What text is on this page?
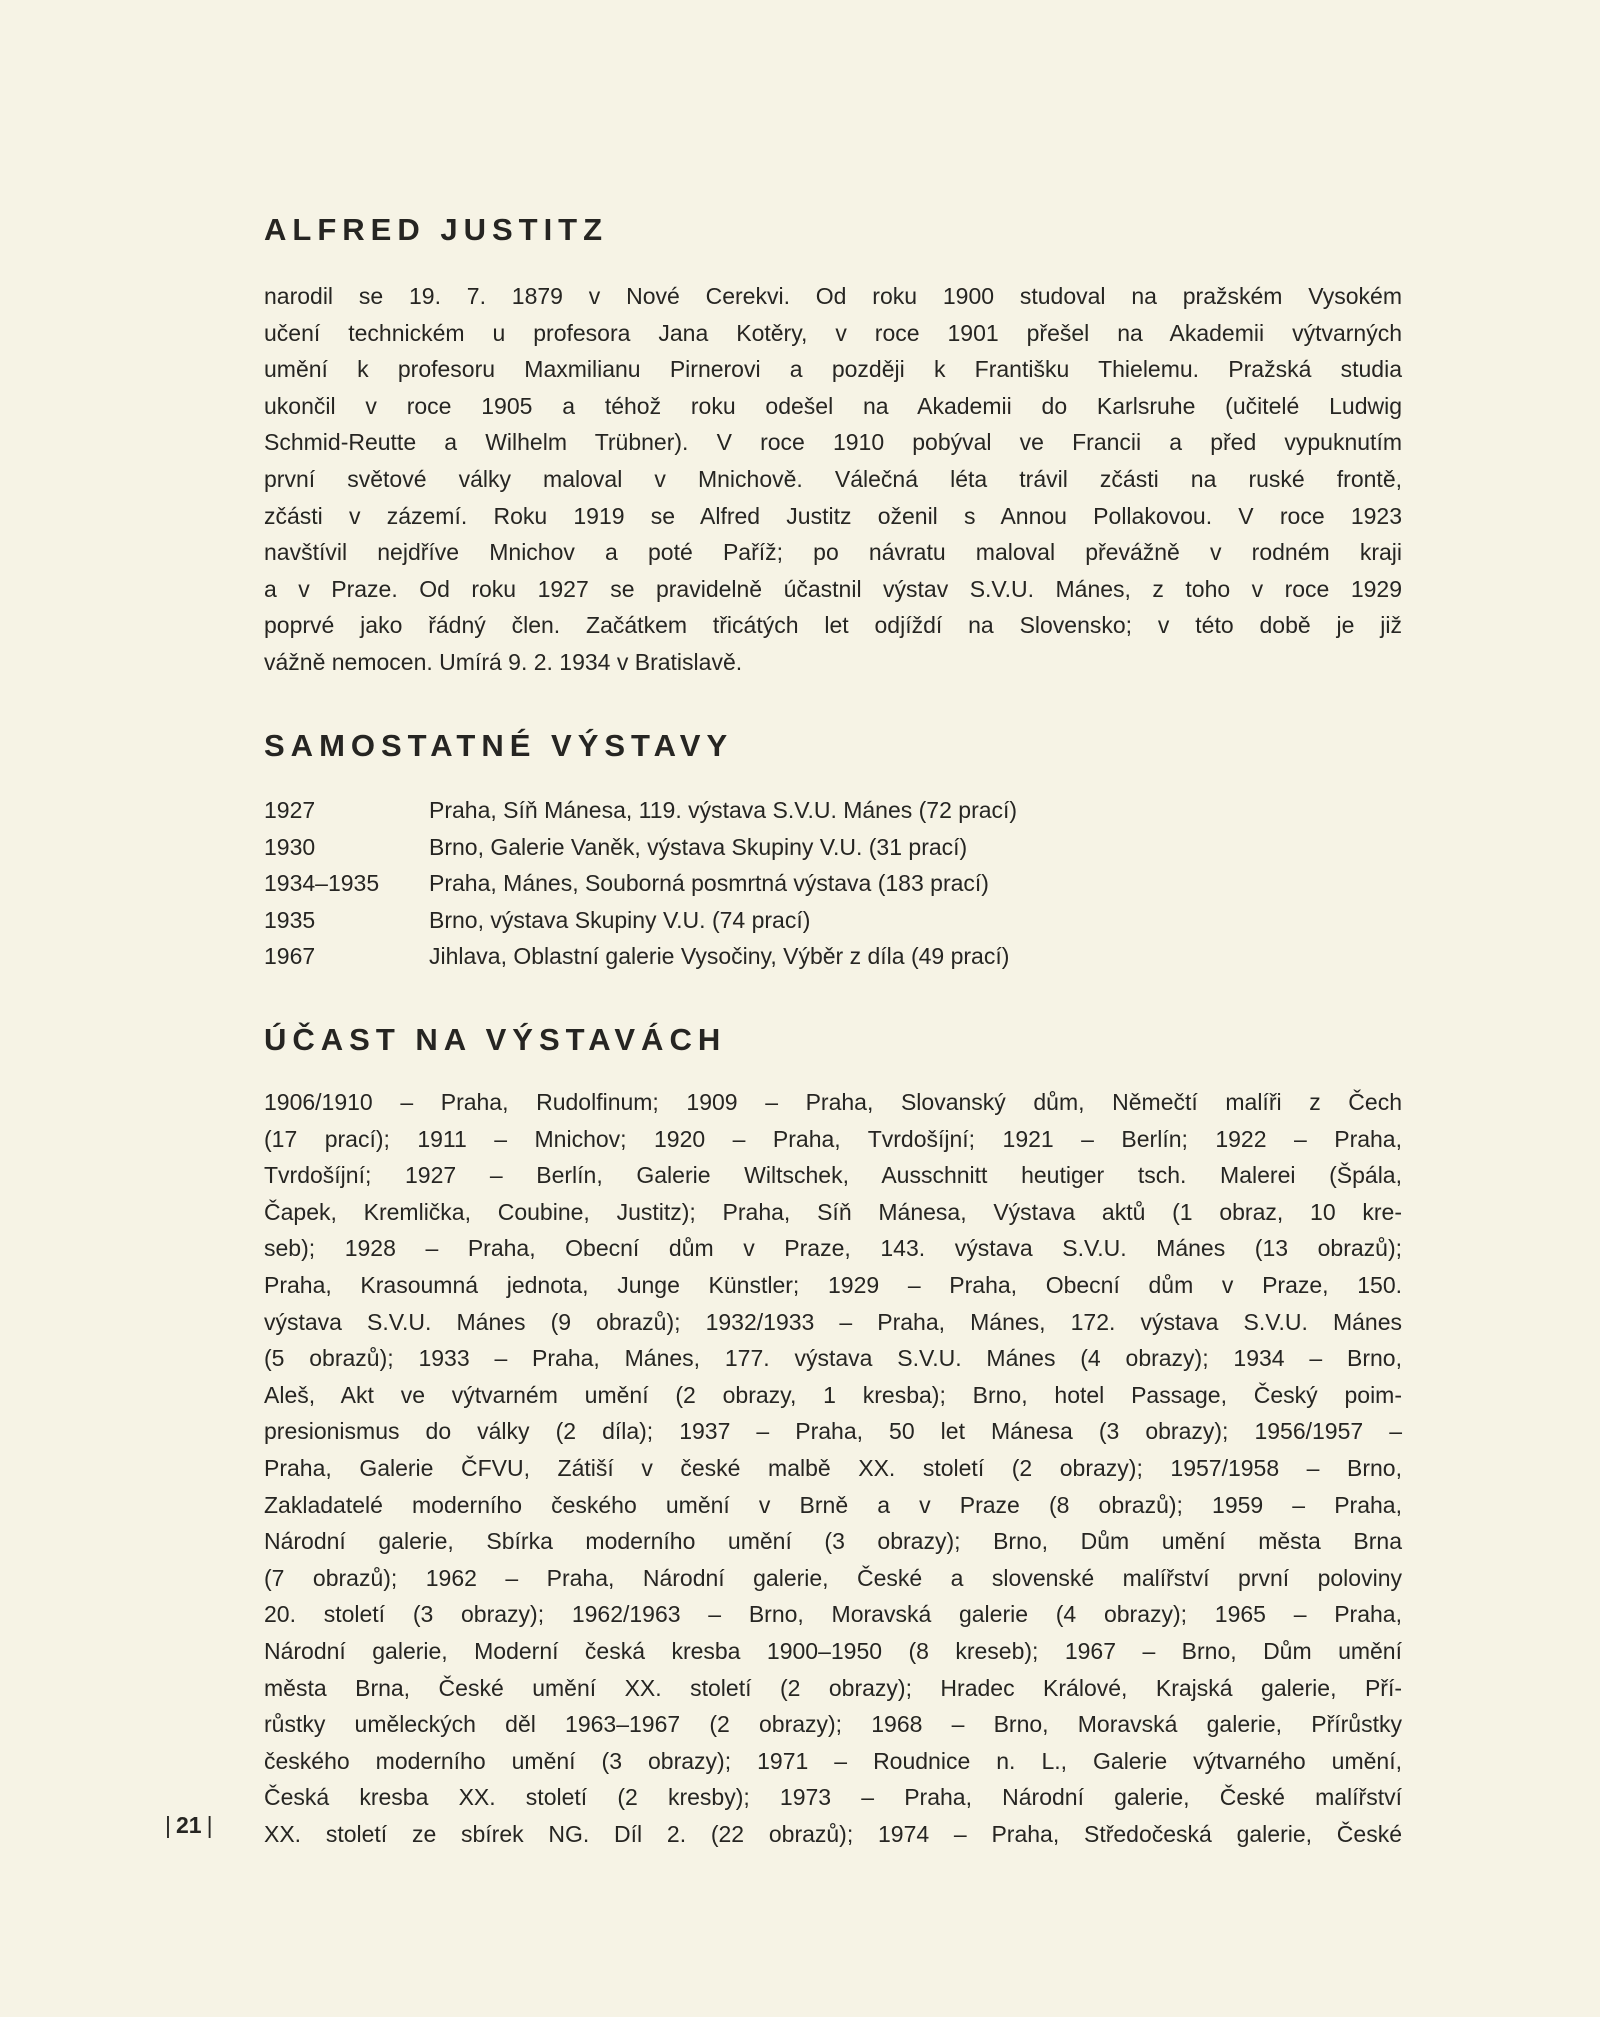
ALFRED JUSTITZ
narodil se 19. 7. 1879 v Nové Cerekvi. Od roku 1900 studoval na pražském Vysokém
učení technickém u profesora Jana Kotěry, v roce 1901 přešel na Akademii výtvarných
umění k profesoru Maxmilianu Pirnerovi a později k Františku Thielemu. Pražská studia
ukončil v roce 1905 a téhož roku odešel na Akademii do Karlsruhe (učitelé Ludwig
Schmid-Reutte a Wilhelm Trübner). V roce 1910 pobýval ve Francii a před vypuknutím
první světové války maloval v Mnichově. Válečná léta trávil zčásti na ruské frontě,
zčásti v zázemí. Roku 1919 se Alfred Justitz oženil s Annou Pollakovou. V roce 1923
navštívil nejdříve Mnichov a poté Paříž; po návratu maloval převážně v rodném kraji
a v Praze. Od roku 1927 se pravidelně účastnil výstav S.V.U. Mánes, z toho v roce 1929
poprvé jako řádný člen. Začátkem třicátých let odjíždí na Slovensko; v této době je již
vážně nemocen. Umírá 9. 2. 1934 v Bratislavě.
SAMOSTATNÉ VÝSTAVY
1927	Praha, Síň Mánesa, 119. výstava S.V.U. Mánes (72 prací)
1930	Brno, Galerie Vaněk, výstava Skupiny V.U. (31 prací)
1934–1935 Praha, Mánes, Souborná posmrtná výstava (183 prací)
1935	Brno, výstava Skupiny V.U. (74 prací)
1967	Jihlava, Oblastní galerie Vysočiny, Výběr z díla (49 prací)
ÚČAST NA VÝSTAVÁCH
1906/1910 – Praha, Rudolfinum; 1909 – Praha, Slovanský dům, Němečtí malíři z Čech
(17 prací); 1911 – Mnichov; 1920 – Praha, Tvrdošíjní; 1921 – Berlín; 1922 – Praha,
Tvrdošíjní; 1927 – Berlín, Galerie Wiltschek, Ausschnitt heutiger tsch. Malerei (Špála,
Čapek, Kremlička, Coubine, Justitz); Praha, Síň Mánesa, Výstava aktů (1 obraz, 10 kre-
seb); 1928 – Praha, Obecní dům v Praze, 143. výstava S.V.U. Mánes (13 obrazů);
Praha, Krasoumná jednota, Junge Künstler; 1929 – Praha, Obecní dům v Praze, 150.
výstava S.V.U. Mánes (9 obrazů); 1932/1933 – Praha, Mánes, 172. výstava S.V.U. Mánes
(5 obrazů); 1933 – Praha, Mánes, 177. výstava S.V.U. Mánes (4 obrazy); 1934 – Brno,
Aleš, Akt ve výtvarném umění (2 obrazy, 1 kresba); Brno, hotel Passage, Český poim-
presionismus do války (2 díla); 1937 – Praha, 50 let Mánesa (3 obrazy); 1956/1957 –
Praha, Galerie ČFVU, Zátiší v české malbě XX. století (2 obrazy); 1957/1958 – Brno,
Zakladatelé moderního českého umění v Brně a v Praze (8 obrazů); 1959 – Praha,
Národní galerie, Sbírka moderního umění (3 obrazy); Brno, Dům umění města Brna
(7 obrazů); 1962 – Praha, Národní galerie, České a slovenské malířství první poloviny
20. století (3 obrazy); 1962/1963 – Brno, Moravská galerie (4 obrazy); 1965 – Praha,
Národní galerie, Moderní česká kresba 1900–1950 (8 kreseb); 1967 – Brno, Dům umění
města Brna, České umění XX. století (2 obrazy); Hradec Králové, Krajská galerie, Pří-
růstky uměleckých děl 1963–1967 (2 obrazy); 1968 – Brno, Moravská galerie, Přírůstky
českého moderního umění (3 obrazy); 1971 – Roudnice n. L., Galerie výtvarného umění,
Česká kresba XX. století (2 kresby); 1973 – Praha, Národní galerie, České malířství
XX. století ze sbírek NG. Díl 2. (22 obrazů); 1974 – Praha, Středočeská galerie, České
| 21 |
